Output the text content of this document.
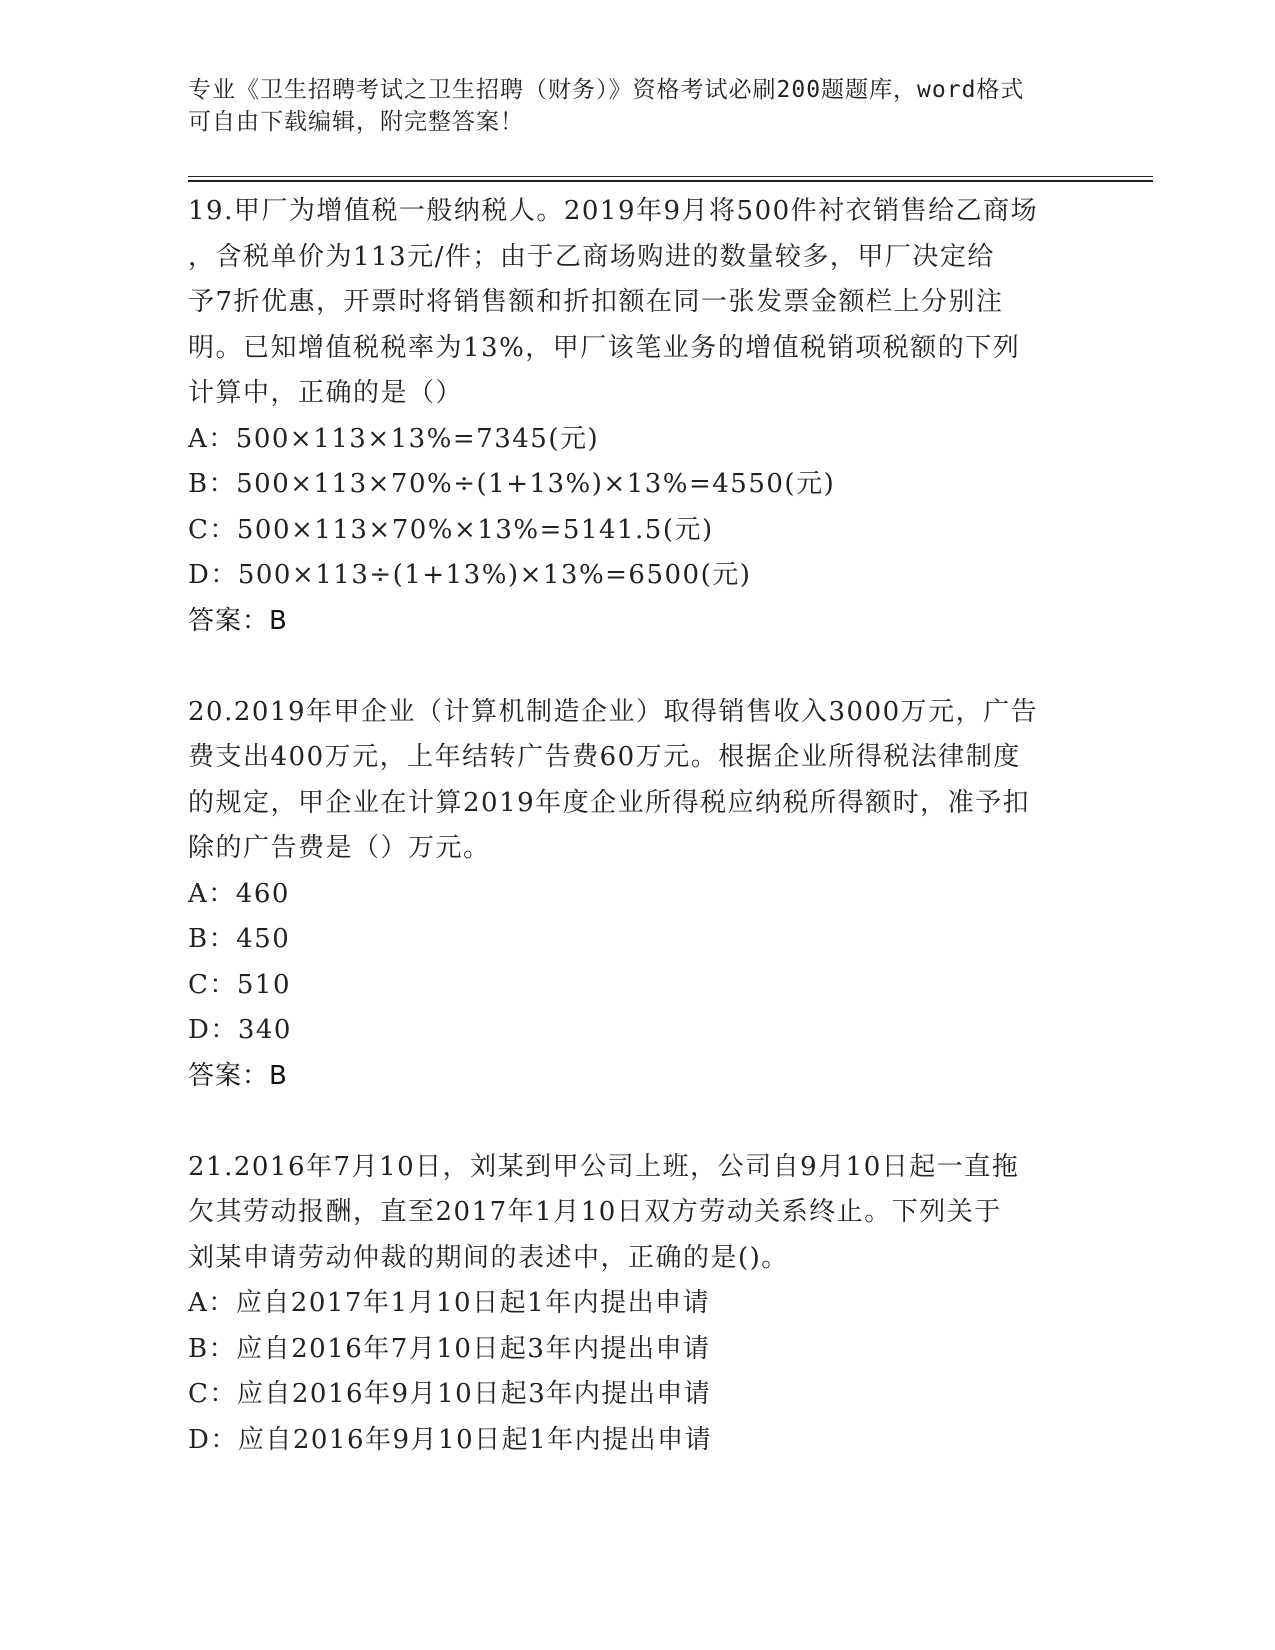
专业《卫生招聘考试之卫生招聘（财务）》资格考试必刷200题题库，word格式
可自由下载编辑，附完整答案！
19.甲厂为增值税一般纳税人。2019年9月将500件衬衣销售给乙商场
，含税单价为113元/件；由于乙商场购进的数量较多，甲厂决定给
予7折优惠，开票时将销售额和折扣额在同一张发票金额栏上分别注
明。已知增值税税率为13%，甲厂该笔业务的增值税销项税额的下列
计算中，正确的是（）
A：500×113×13%=7345(元)
B：500×113×70%÷(1+13%)×13%=4550(元)
C：500×113×70%×13%=5141.5(元)
D：500×113÷(1+13%)×13%=6500(元)
答案：B
20.2019年甲企业（计算机制造企业）取得销售收入3000万元，广告
费支出400万元，上年结转广告费60万元。根据企业所得税法律制度
的规定，甲企业在计算2019年度企业所得税应纳税所得额时，准予扣
除的广告费是（）万元。
A：460
B：450
C：510
D：340
答案：B
21.2016年7月10日，刘某到甲公司上班，公司自9月10日起一直拖
欠其劳动报酬，直至2017年1月10日双方劳动关系终止。下列关于
刘某申请劳动仲裁的期间的表述中，正确的是()。
A：应自2017年1月10日起1年内提出申请
B：应自2016年7月10日起3年内提出申请
C：应自2016年9月10日起3年内提出申请
D：应自2016年9月10日起1年内提出申请
